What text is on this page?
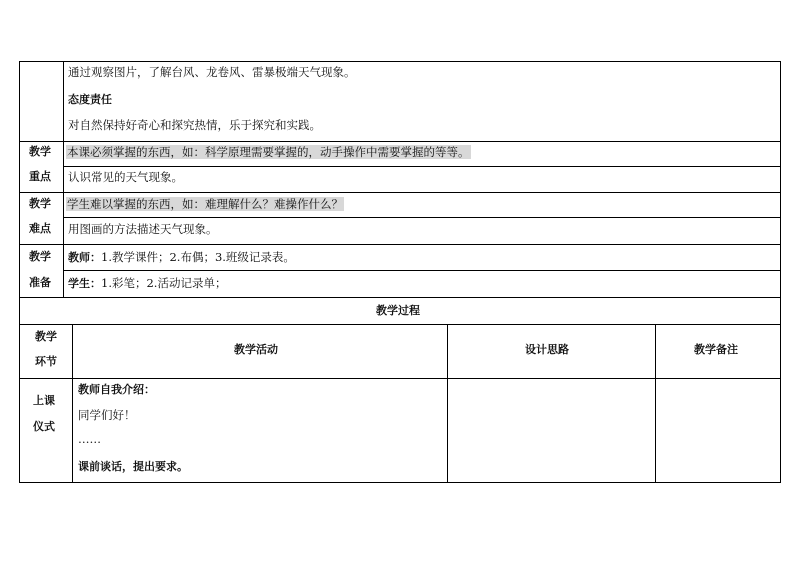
通过观察图片，了解台风、龙卷风、雷暴极端天气现象。
态度责任
对自然保持好奇心和探究热情，乐于探究和实践。
教学
重点
本课必须掌握的东西，如：科学原理需要掌握的，动手操作中需要掌握的等等。
认识常见的天气现象。
教学
难点
学生难以掌握的东西，如：难理解什么？难操作什么？
用图画的方法描述天气现象。
教学
准备
教师：1.教学课件；2.布偶；3.班级记录表。
学生：1.彩笔；2.活动记录单；
教学过程
教学
环节
教学活动	设计思路	教学备注
上课
仪式
教师自我介绍：
同学们好！
……
课前谈话，提出要求。
